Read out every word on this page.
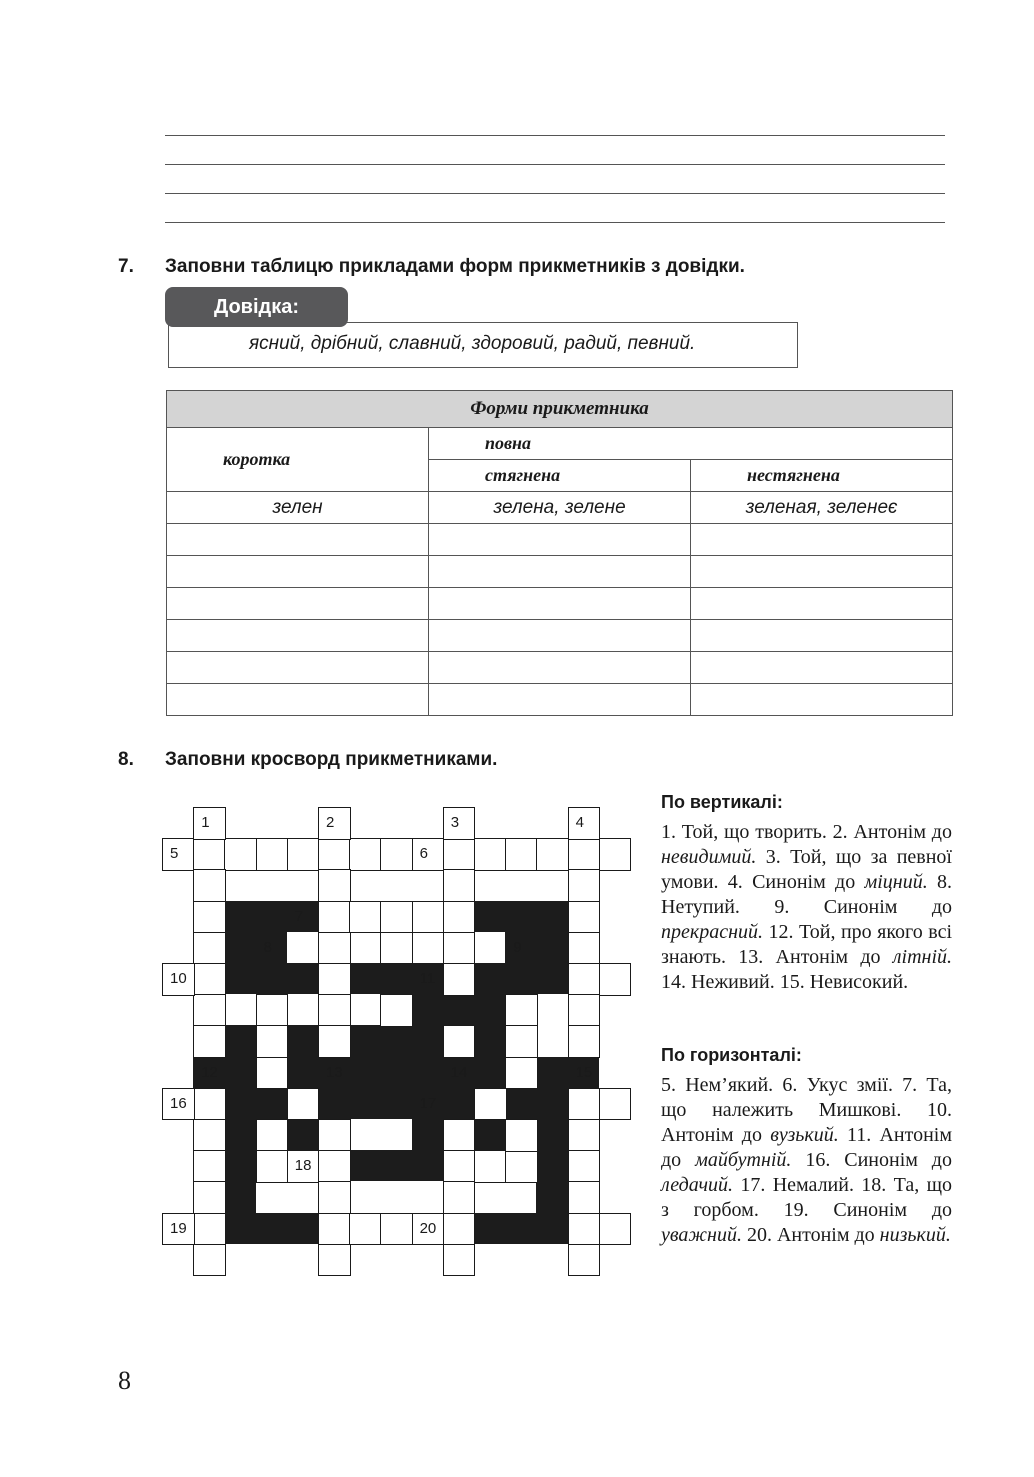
7. Заповни таблицю прикладами форм прикметників з довідки.
Довідка:
ясний, дрібний, славний, здоровий, радий, певний.
Форми прикметника		
коротка	повна	
	стягнена	нестягнена
зелен	зелена, зелене	зеленая, зеленеє

8. Заповни кросворд прикметниками.
1	2	3	4
5	6
7
8	9
10	11
12	13	14	15
16	17
18
19	20
По вертикалі:
1. Той, що творить. 2. Антонім до невидимий. 3. Той, що за певної умови. 4. Синонім до міцний. 8. Нетупий. 9. Синонім до прекрасний. 12. Той, про якого всі знають. 13. Антонім до літній. 14. Неживий. 15. Невисокий.
По горизонталі:
5. Нем’який. 6. Укус змії. 7. Та, що належить Мишкові. 10. Антонім до вузький. 11. Антонім до майбутній. 16. Синонім до ледачий. 17. Немалий. 18. Та, що з горбом. 19. Синонім до уважний. 20. Антонім до низький.
8
